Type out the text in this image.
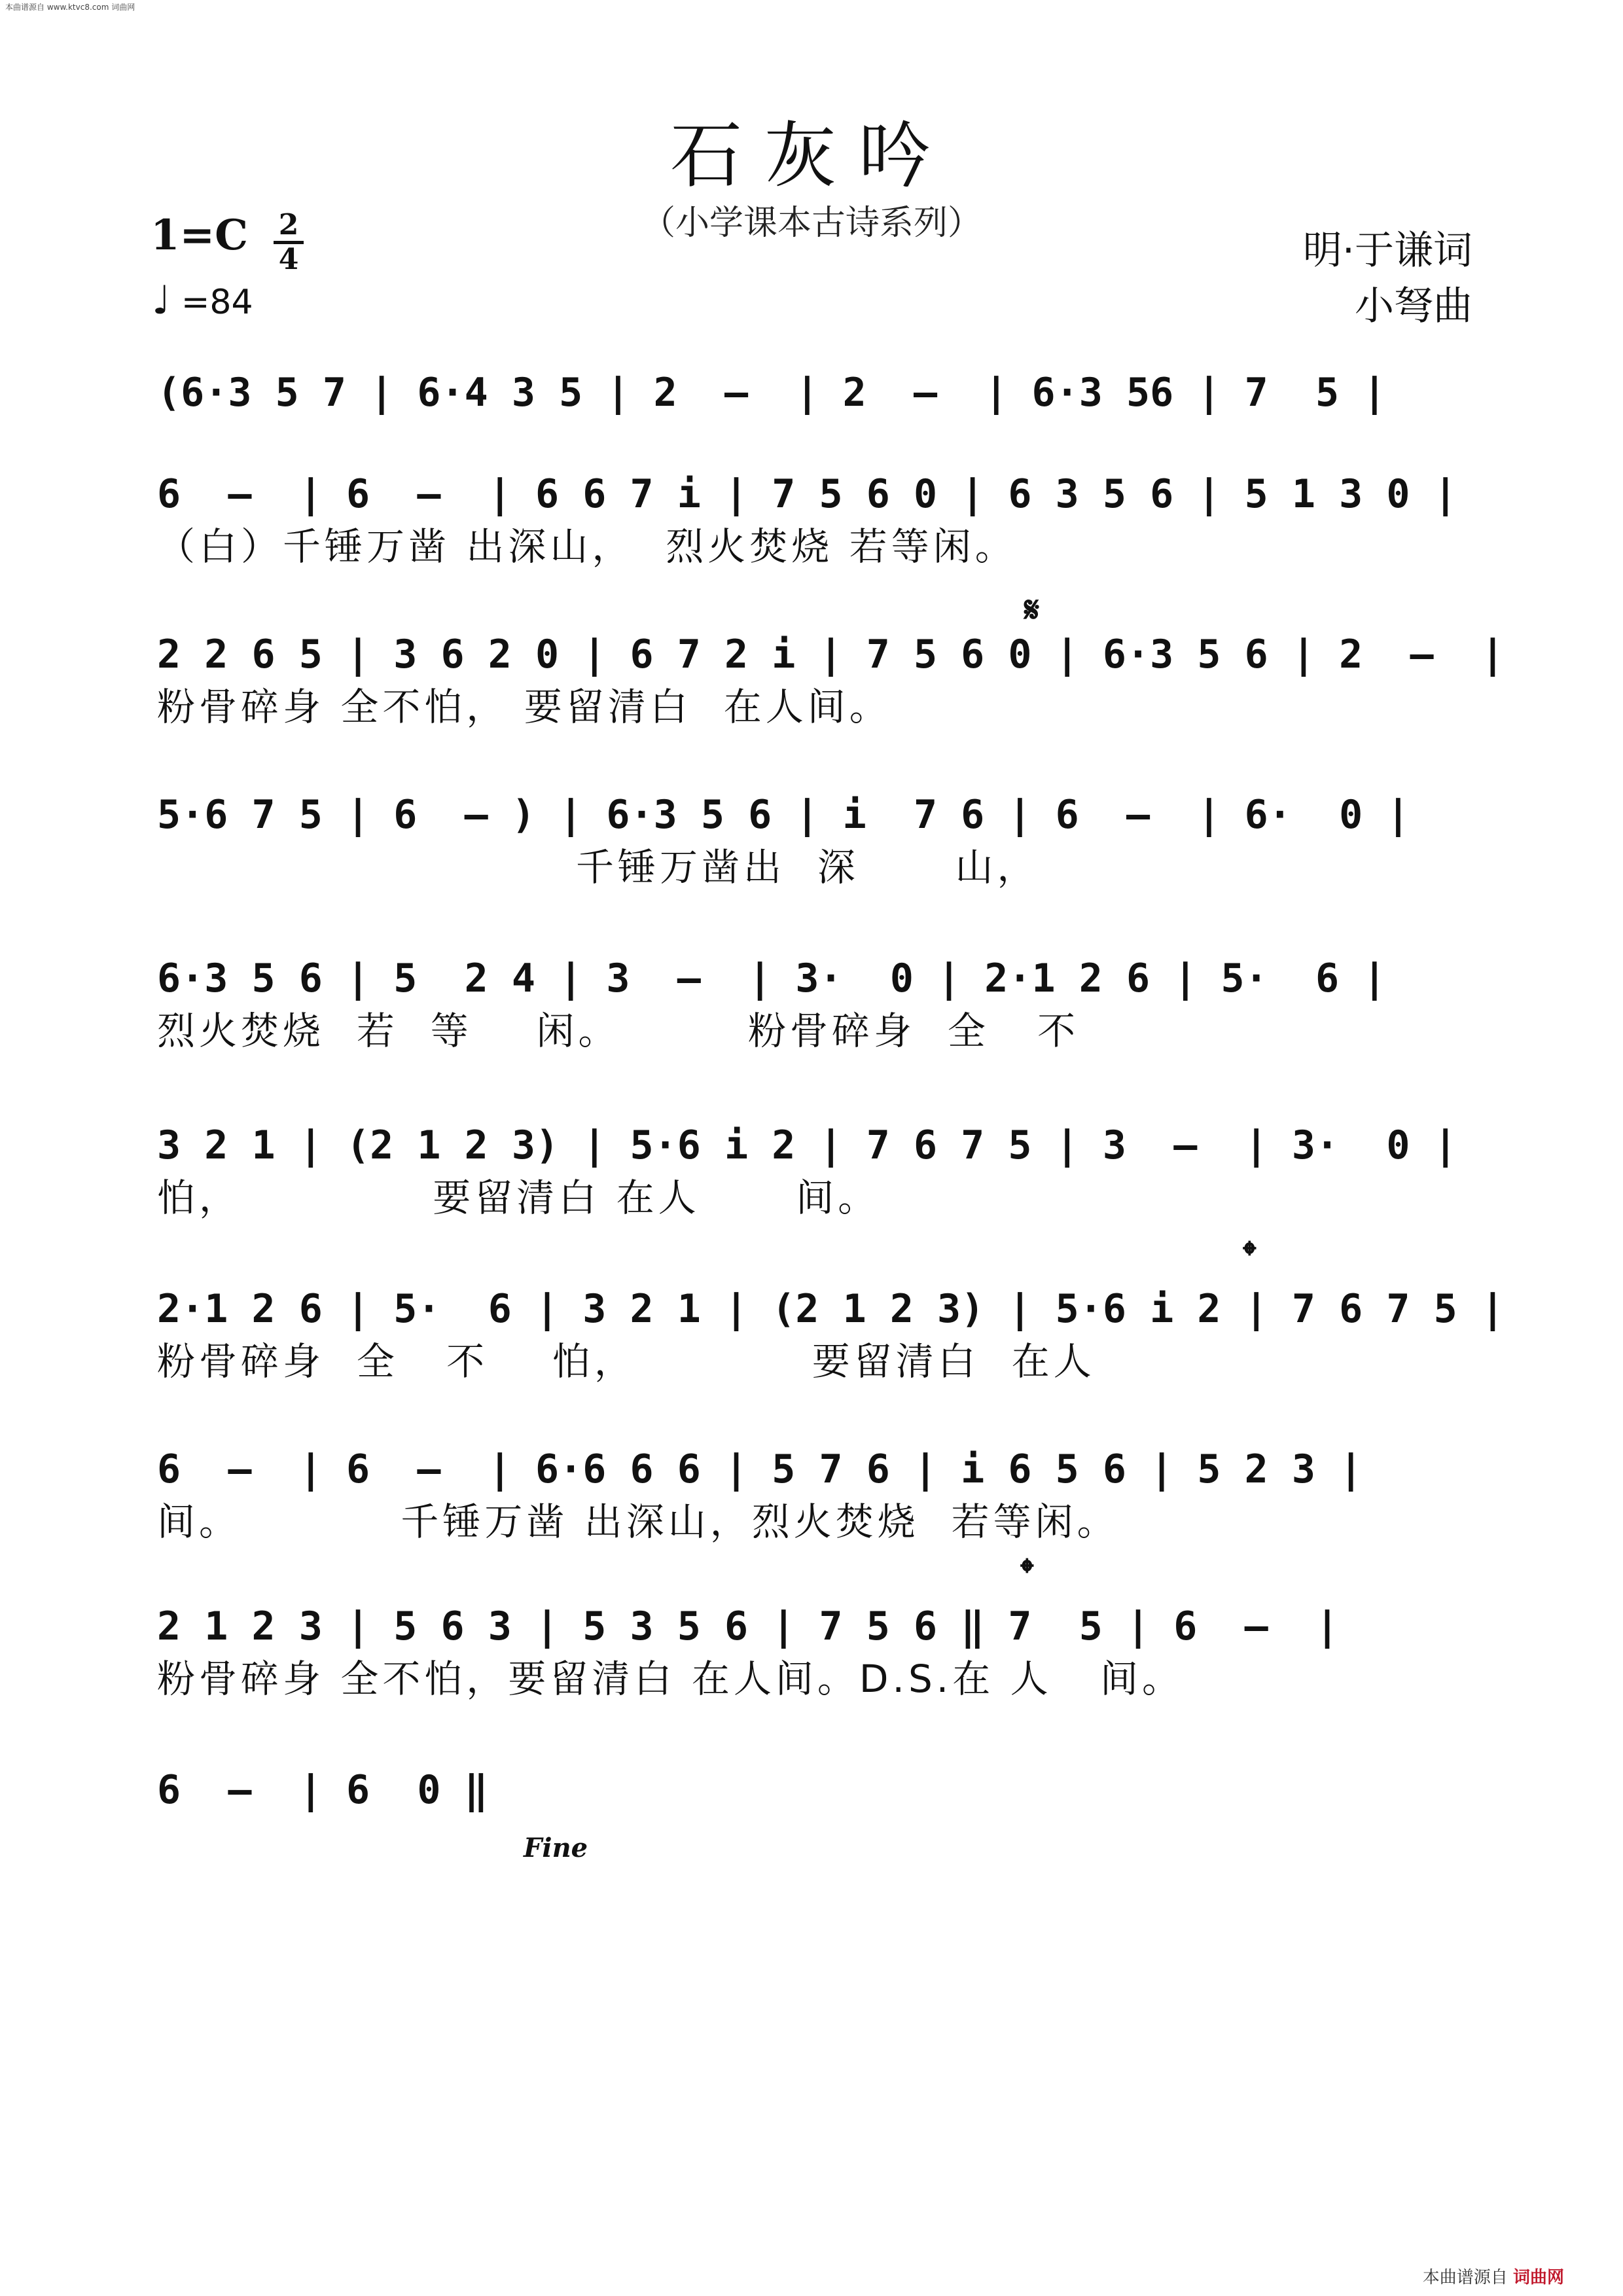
本曲谱源自 www.ktvc8.com 词曲网
石灰吟
（小学课本古诗系列）
1=C 2
4
♩ =84
明·于谦词
小弩曲
(6·3 5 7 | 6·4 3 5 | 2  –  | 2  –  | 6·3 56 | 7  5 |
6  –  | 6  –  | 6 6 7 i | 7 5 6 0 | 6 3 5 6 | 5 1 3 0 |
（白）千锤万凿 出深山，  烈火焚烧 若等闲。
𝄋
2 2 6 5 | 3 6 2 0 | 6 7 2 i | 7 5 6 0 | 6·3 5 6 | 2  –  |
粉骨碎身 全不怕， 要留清白  在人间。
5·6 7 5 | 6  – ) | 6·3 5 6 | i  7 6 | 6  –  | 6·  0 |
千锤万凿出  深      山，
6·3 5 6 | 5  2 4 | 3  –  | 3·  0 | 2·1 2 6 | 5·  6 |
烈火焚烧  若  等    闲。        粉骨碎身  全   不
3 2 1 | (2 1 2 3) | 5·6 i 2 | 7 6 7 5 | 3  –  | 3·  0 |
怕，            要留清白 在人      间。
𝄌
2·1 2 6 | 5·  6 | 3 2 1 | (2 1 2 3) | 5·6 i 2 | 7 6 7 5 |
粉骨碎身  全   不    怕，           要留清白  在人
6  –  | 6  –  | 6·6 6 6 | 5 7 6 | i 6 5 6 | 5 2 3 |
间。          千锤万凿 出深山，烈火焚烧  若等闲。
𝄌
2 1 2 3 | 5 6 3 | 5 3 5 6 | 7 5 6 ‖ 7  5 | 6  –  |
粉骨碎身 全不怕，要留清白 在人间。D.S.在 人   间。
6  –  | 6  0 ‖
Fine
本曲谱源自 词曲网
